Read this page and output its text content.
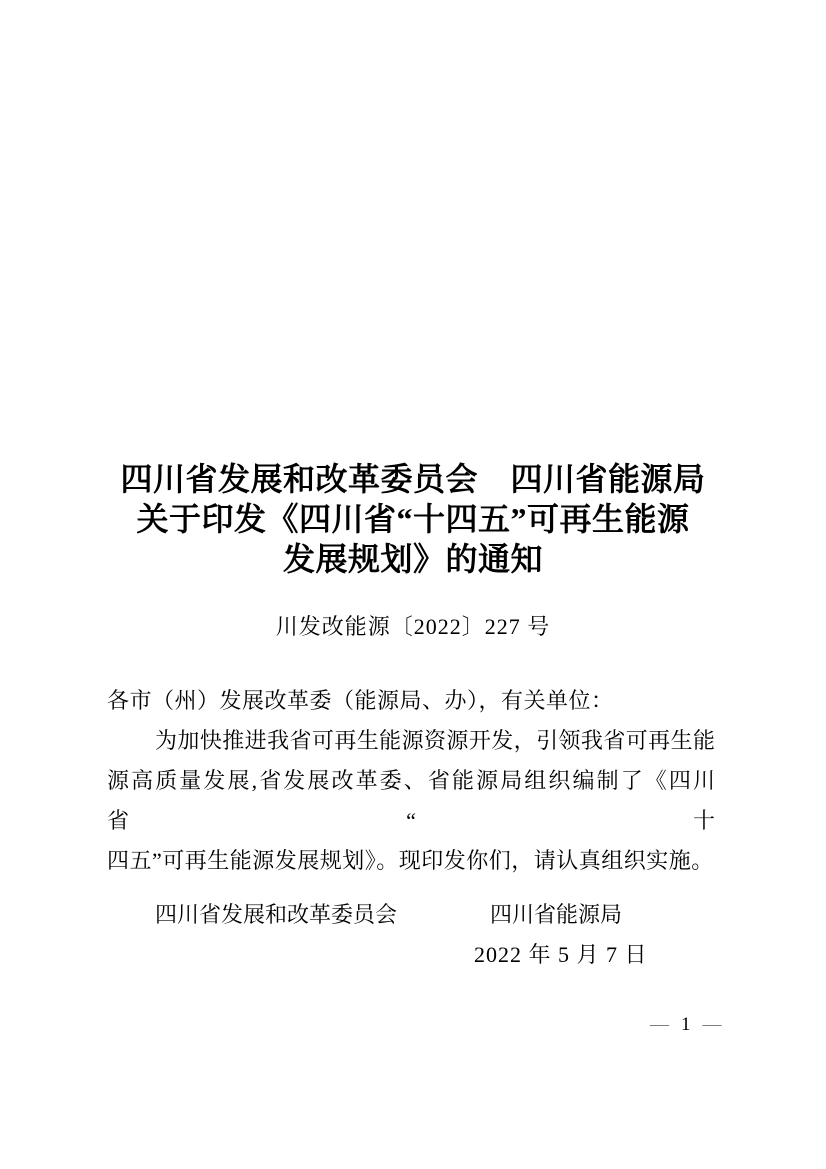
四川省发展和改革委员会　四川省能源局
关于印发《四川省“十四五”可再生能源
发展规划》的通知
川发改能源〔2022〕227 号
各市（州）发展改革委（能源局、办），有关单位：
为加快推进我省可再生能源资源开发，引领我省可再生能
源高质量发展,省发展改革委、省能源局组织编制了《四川省“十
四五”可再生能源发展规划》。现印发你们，请认真组织实施。
四川省发展和改革委员会	四川省能源局
2022 年 5 月 7 日
— 1 —
